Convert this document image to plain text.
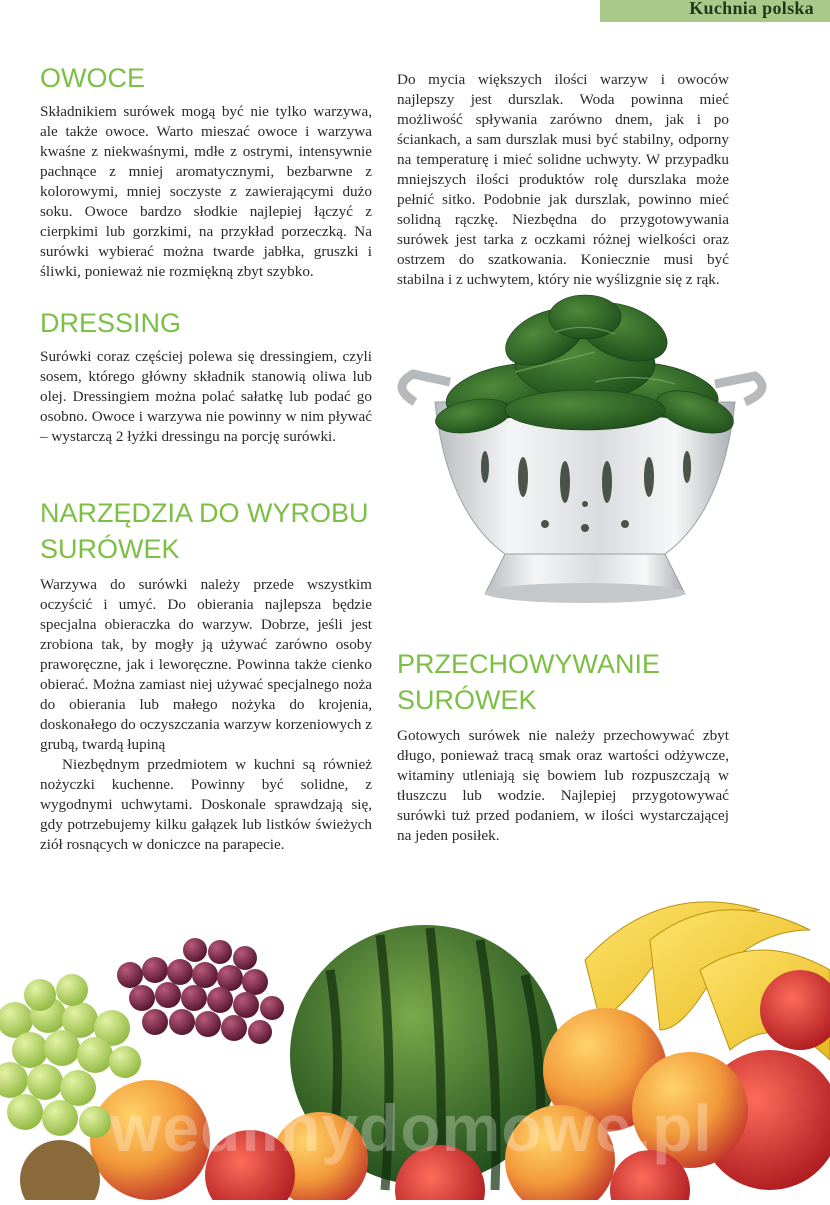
Kuchnia polska
OWOCE

Składnikiem surówek mogą być nie tylko warzywa, ale także owoce. Warto mieszać owoce i warzywa kwaśne z niekwaśnymi, mdłe z ostrymi, intensywnie pachnące z mniej aromatycznymi, bezbarwne z kolorowymi, mniej soczyste z zawierającymi dużo soku. Owoce bardzo słodkie najlepiej łączyć z cierpkimi lub gorzkimi, na przykład porzeczką. Na surówki wybierać można twarde jabłka, gruszki i śliwki, ponieważ nie rozmiękną zbyt szybko.

DRESSING

Surówki coraz częściej polewa się dressingiem, czyli sosem, którego główny składnik stanowią oliwa lub olej. Dressingiem można polać sałatkę lub podać go osobno. Owoce i warzywa nie powinny w nim pływać – wystarczą 2 łyżki dressingu na porcję surówki.

NARZĘDZIA DO WYROBU
SURÓWEK

Warzywa do surówki należy przede wszystkim oczyścić i umyć. Do obierania najlepsza będzie specjalna obieraczka do warzyw. Dobrze, jeśli jest zrobiona tak, by mogły ją używać zarówno osoby praworęczne, jak i leworęczne. Powinna także cienko obierać. Można zamiast niej używać specjalnego noża do obierania lub małego nożyka do krojenia, doskonałego do oczyszczania warzyw korzeniowych z grubą, twardą łupiną

Niezbędnym przedmiotem w kuchni są również nożyczki kuchenne. Powinny być solidne, z wygodnymi uchwytami. Doskonale sprawdzają się, gdy potrzebujemy kilku gałązek lub listków świeżych ziół rosnących w doniczce na parapecie.

Do mycia większych ilości warzyw i owoców najlepszy jest durszlak. Woda powinna mieć możliwość spływania zarówno dnem, jak i po ściankach, a sam durszlak musi być stabilny, odporny na temperaturę i mieć solidne uchwyty. W przypadku mniejszych ilości produktów rolę durszlaka może pełnić sitko. Podobnie jak durszlak, powinno mieć solidną rączkę. Niezbędna do przygotowywania surówek jest tarka z oczkami różnej wielkości oraz ostrzem do szatkowania. Koniecznie musi być stabilna i z uchwytem, który nie wyślizgnie się z rąk.

PRZECHOWYWANIE
SURÓWEK

Gotowych surówek nie należy przechowywać zbyt długo, ponieważ tracą smak oraz wartości odżywcze, witaminy utleniają się bowiem lub rozpuszczają w tłuszczu lub wodzie. Najlepiej przygotowywać surówki tuż przed podaniem, w ilości wystarczającej na jeden posiłek.

wedlinydomowe.pl
